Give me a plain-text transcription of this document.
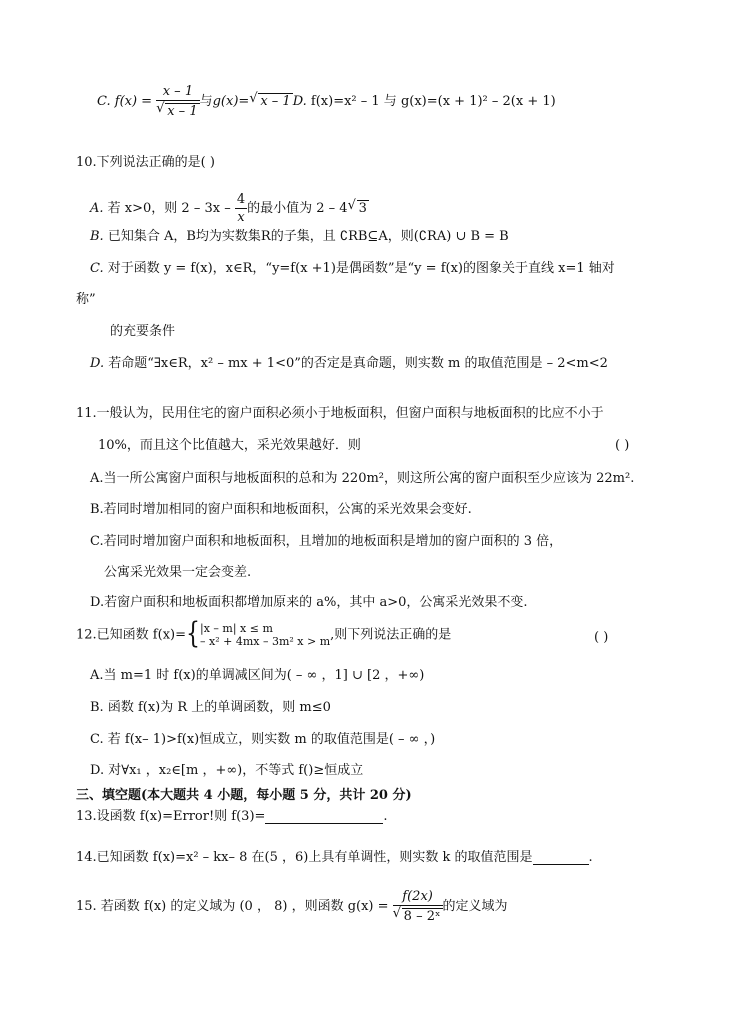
C. f(x) = x – 1
√ x – 1 与g(x)= √ x – 1 D. f(x)=x² – 1 与 g(x)=(x + 1)² – 2(x + 1)
10.下列说法正确的是( )
A. 若 x>0，则 $2 - 3x - \frac{4}{x}$ 的最小值为 2 – 4 √ 3
B. 已知集合 A，B均为实数集R的子集，且 ∁RB⊆A，则(∁RA) ∪ B = B
C. 对于函数 y = f(x)，x∈R，“y=f(x +1)是偶函数”是“y = f(x)的图象关于直线 x=1 轴对
称”
的充要条件
D. 若命题“∃x∈R，x² – mx + 1<0”的否定是真命题，则实数 m 的取值范围是 – 2<m<2
11.一般认为，民用住宅的窗户面积必须小于地板面积，但窗户面积与地板面积的比应不小于
10%，而且这个比值越大，采光效果越好．则	( )
A.当一所公寓窗户面积与地板面积的总和为 220m²，则这所公寓的窗户面积至少应该为 22m².
B.若同时增加相同的窗户面积和地板面积，公寓的采光效果会变好.
C.若同时增加窗户面积和地板面积，且增加的地板面积是增加的窗户面积的 3 倍，
公寓采光效果一定会变差.
D.若窗户面积和地板面积都增加原来的 a%，其中 a>0，公寓采光效果不变.
12.已知函数 f(x)={ |x – m| x ≤ m
– x² + 4mx – 3m² x > m ,则下列说法正确的是	( )
A.当 m=1 时 f(x)的单调减区间为( – ∞ ，1] ∪ [2 ，+∞)
B. 函数 f(x)为 R 上的单调函数，则 m≤0
C. 若 f(x– 1)>f(x)恒成立，则实数 m 的取值范围是( – ∞ ，)
D. 对∀x₁ ，x₂∈[m ，+∞)，不等式 f()≥恒成立
三、填空题(本大题共 4 小题，每小题 5 分，共计 20 分)
13.设函数 f(x)=Error!则 f(3)=	.
14.已知函数 f(x)=x² – kx– 8 在(5 ，6)上具有单调性，则实数 k 的取值范围是	.
15. 若函数 f(x) 的定义域为 (0 ， 8) ，则函数 g(x) = f(2x)
√ 8 – 2ˣ 的定义域为
